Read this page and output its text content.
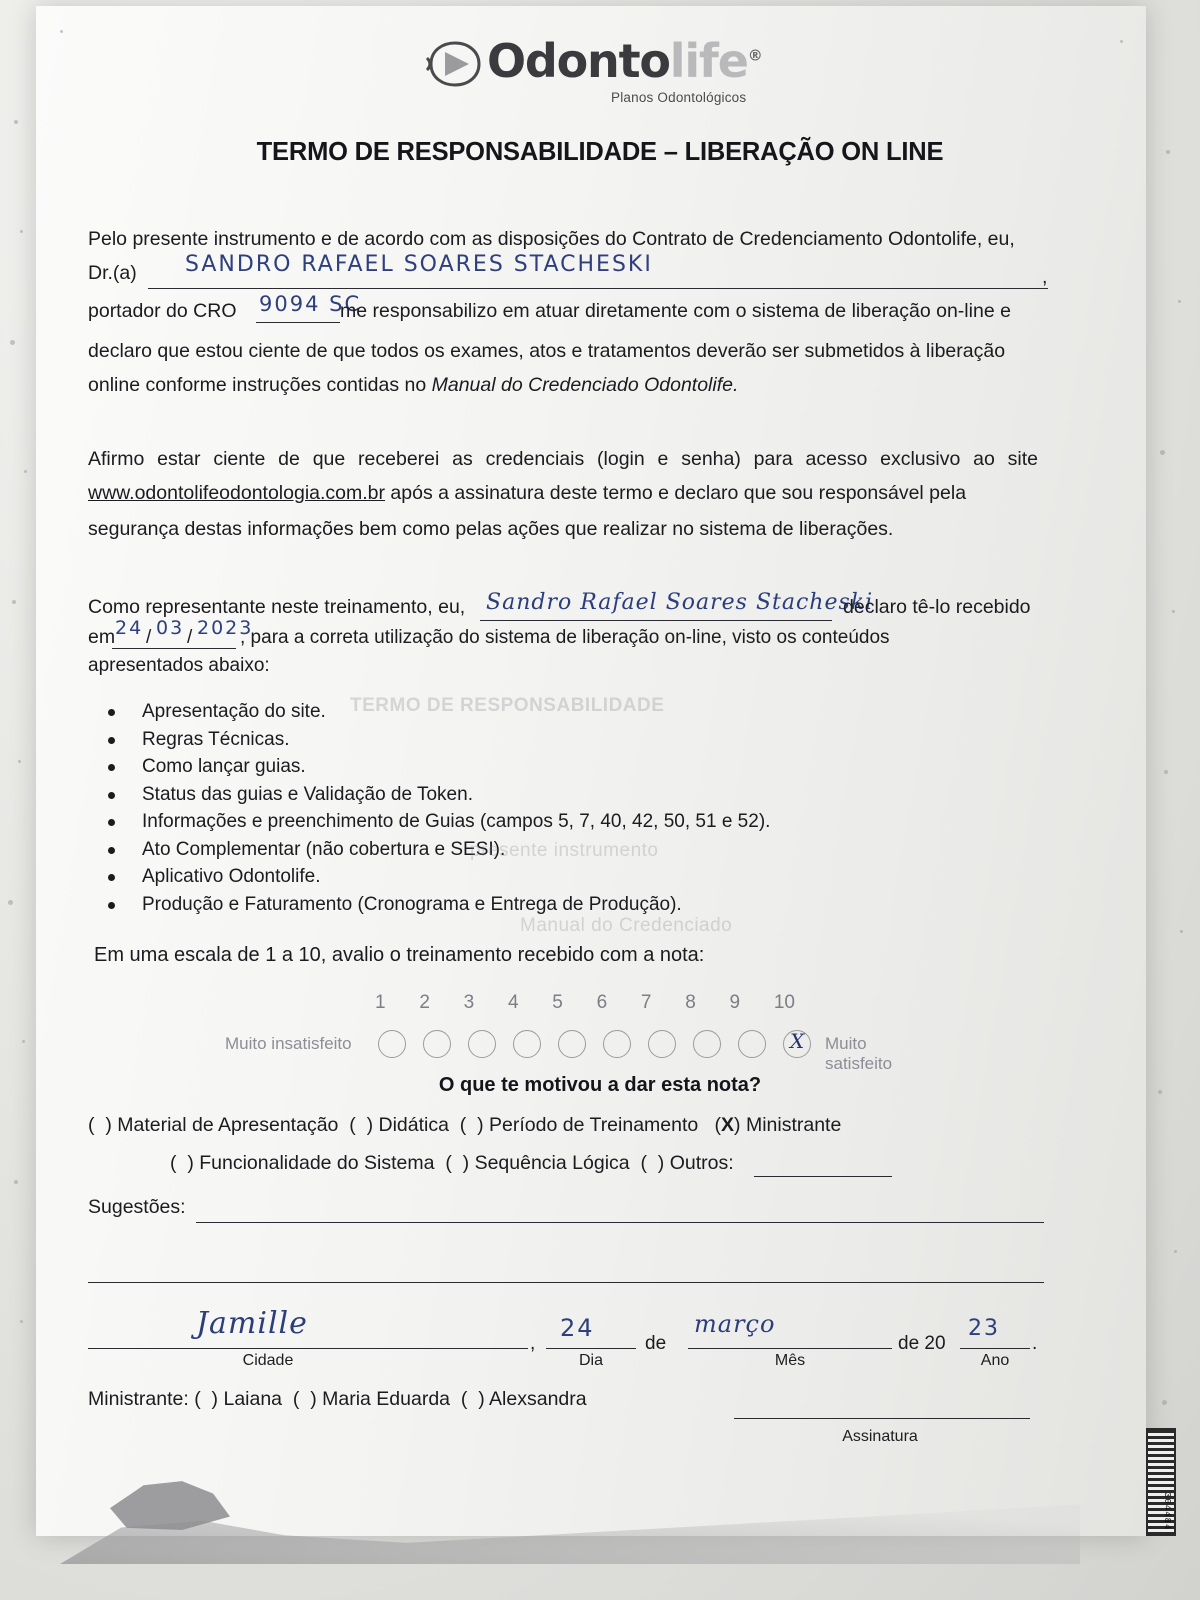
Odontolife®
Planos Odontológicos
TERMO DE RESPONSABILIDADE – LIBERAÇÃO ON LINE
Pelo presente instrumento e de acordo com as disposições do Contrato de Credenciamento Odontolife, eu,
Dr.(a) SANDRO RAFAEL SOARES STACHESKI	,
portador do CRO 9094 SC
me responsabilizo em atuar diretamente com o sistema de liberação on-line e
declaro que estou ciente de que todos os exames, atos e tratamentos deverão ser submetidos à liberação
online conforme instruções contidas no Manual do Credenciado Odontolife.
Afirmo estar ciente de que receberei as credenciais (login e senha) para acesso exclusivo ao site
www.odontolifeodontologia.com.br após a assinatura deste termo e declaro que sou responsável pela
segurança destas informações bem como pelas ações que realizar no sistema de liberações.
Como representante neste treinamento, eu, Sandro Rafael Soares Stacheski
declaro tê-lo recebido
em 24 / 03 / 2023
, para a correta utilização do sistema de liberação on-line, visto os conteúdos
apresentados abaixo:
Apresentação do site.
Regras Técnicas.
Como lançar guias.
Status das guias e Validação de Token.
Informações e preenchimento de Guias (campos 5, 7, 40, 42, 50, 51 e 52).
Ato Complementar (não cobertura e SESI).
Aplicativo Odontolife.
Produção e Faturamento (Cronograma e Entrega de Produção).
TERMO DE RESPONSABILIDADE
presente instrumento
Manual do Credenciado
Em uma escala de 1 a 10, avalio o treinamento recebido com a nota:
1 2 3 4 5 6 7 8 9 10
Muito insatisfeito	X Muito satisfeito
O que te motivou a dar esta nota?
(  ) Material de Apresentação (  ) Didática (  ) Período de Treinamento (X) Ministrante
(  ) Funcionalidade do Sistema (  ) Sequência Lógica (  ) Outros:
Sugestões:
Jamille
Cidade
,
24
Dia
de
março
Mês
de 20
23
Ano
.
Ministrante: (  ) Laiana (  ) Maria Eduarda (  ) Alexsandra
Assinatura
304484
